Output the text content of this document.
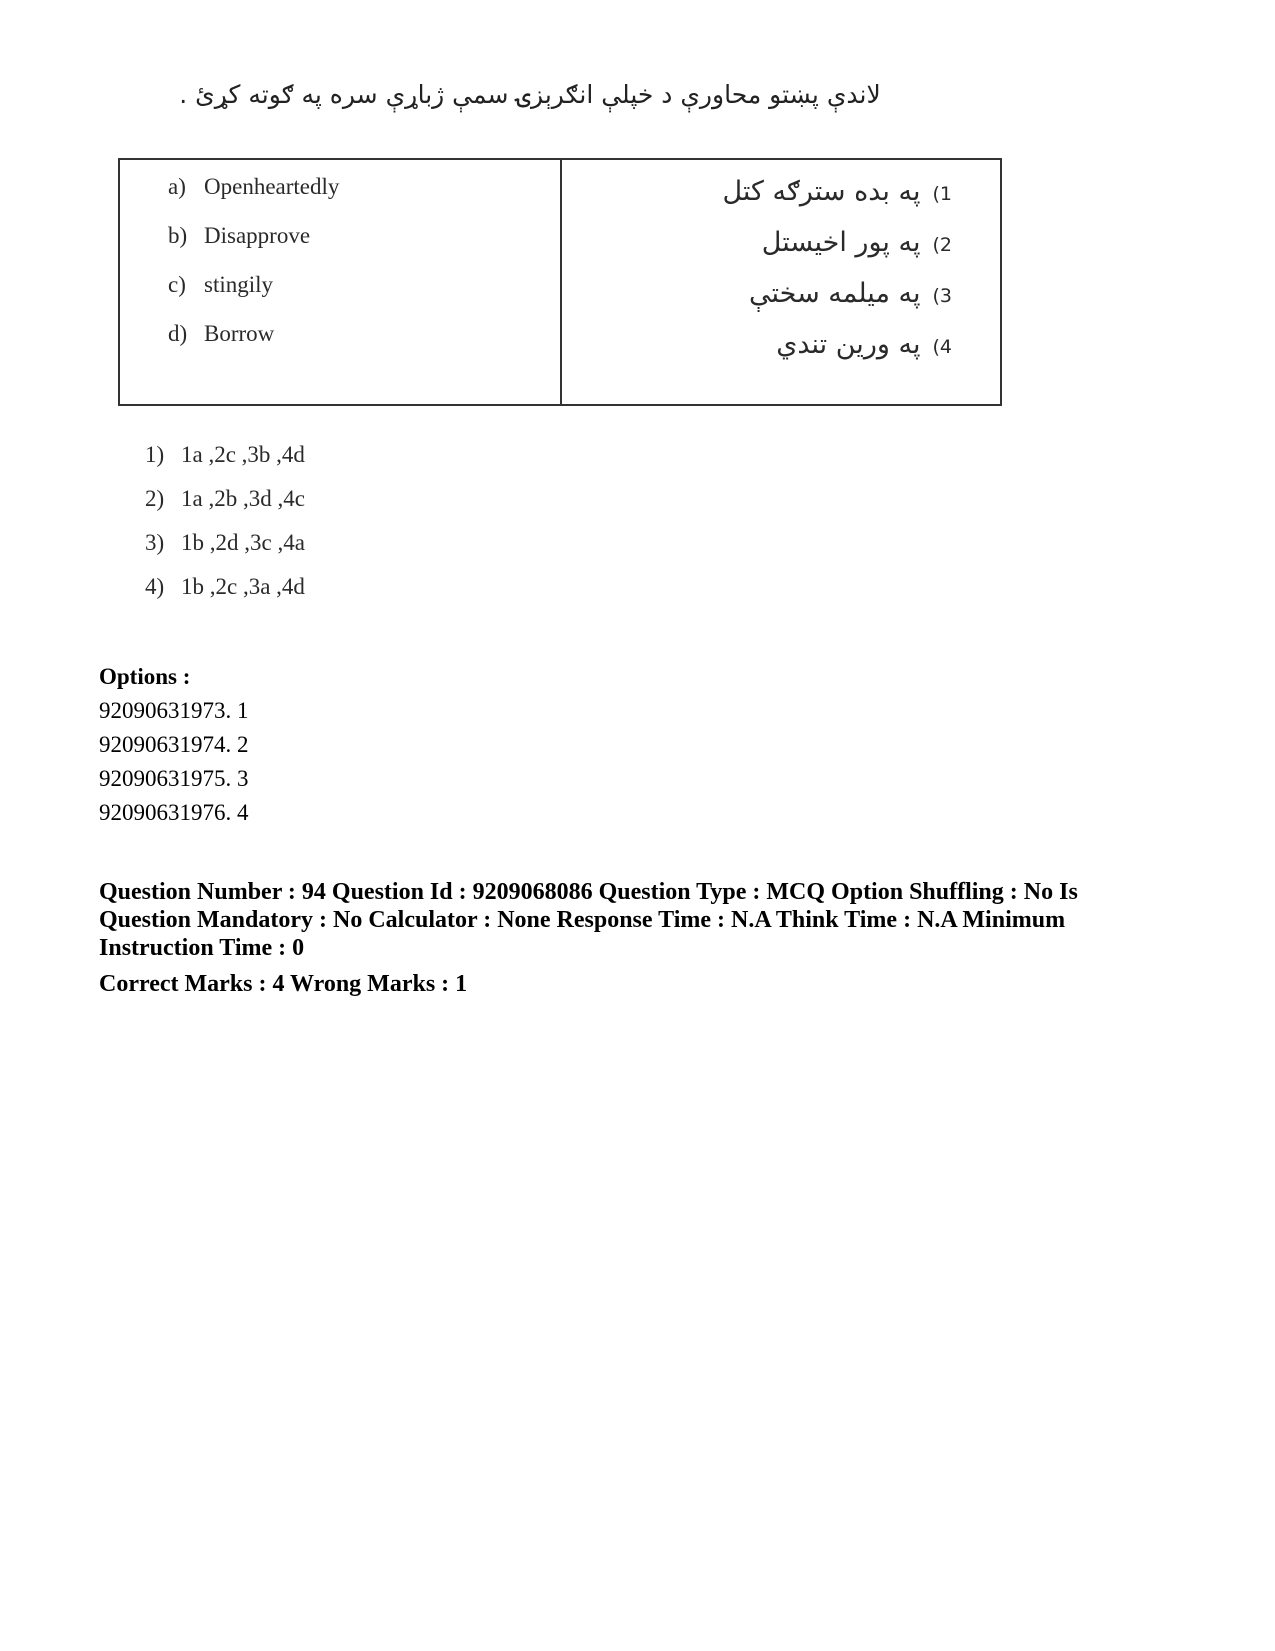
لاندې پښتو محاورې د خپلې انګرېزۍ سمې ژباړې سره په ګوته کړئ .
a) Openheartedly
b) Disapprove
c) stingily
d) Borrow
(1په بده سترګه کتل
(2په پور اخيستل
(3په ميلمه سختې
(4په ورين تندي
1) 1a ,2c ,3b ,4d
2) 1a ,2b ,3d ,4c
3) 1b ,2d ,3c ,4a
4) 1b ,2c ,3a ,4d
Options :
92090631973. 1
92090631974. 2
92090631975. 3
92090631976. 4
Question Number : 94 Question Id : 9209068086 Question Type : MCQ Option Shuffling : No Is Question Mandatory : No Calculator : None Response Time : N.A Think Time : N.A Minimum Instruction Time : 0
Correct Marks : 4 Wrong Marks : 1
